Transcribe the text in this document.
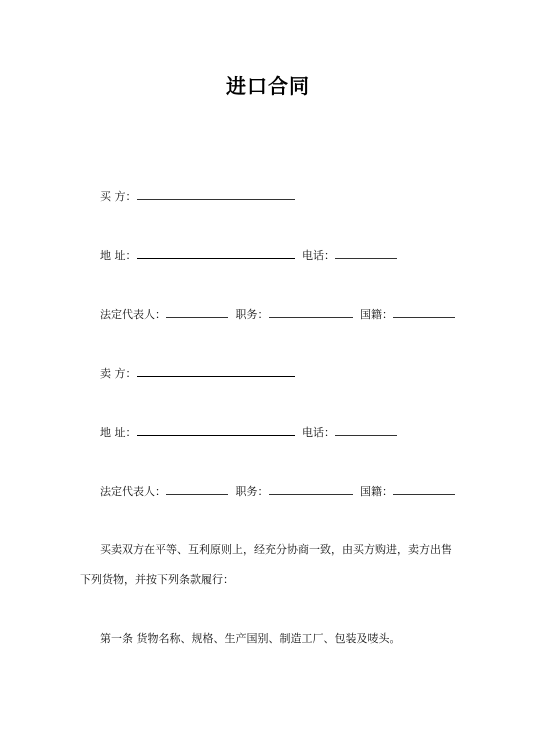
进口合同
买 方：
地 址：	电话：
法定代表人：	职务：	国籍：
卖 方：
地 址：	电话：
法定代表人：	职务：	国籍：
买卖双方在平等、互利原则上，经充分协商一致，由买方购进，卖方出售下列货物，并按下列条款履行：
第一条 货物名称、规格、生产国别、制造工厂、包装及唛头。
